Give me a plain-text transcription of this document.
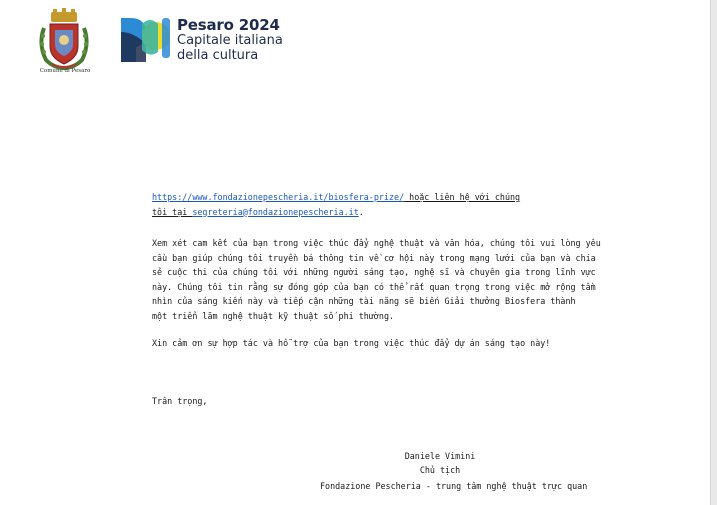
Comune di Pesaro
Pesaro 2024
Capitale italiana
della cultura
https://www.fondazionepescheria.it/biosfera-prize/ hoặc liên hệ với chúng
tôi tại segreteria@fondazionepescheria.it.
Xem xét cam kết của bạn trong việc thúc đẩy nghệ thuật và văn hóa, chúng tôi vui lòng yêu
cầu bạn giúp chúng tôi truyền bá thông tin về cơ hội này trong mạng lưới của bạn và chia
sẻ cuộc thi của chúng tôi với những người sáng tạo, nghệ sĩ và chuyên gia trong lĩnh vực
này. Chúng tôi tin rằng sự đóng góp của bạn có thể rất quan trọng trong việc mở rộng tầm
nhìn của sáng kiến này và tiếp cận những tài năng sẽ biến Giải thưởng Biosfera thành
một triển lãm nghệ thuật kỹ thuật số phi thường.
Xin cảm ơn sự hợp tác và hỗ trợ của bạn trong việc thúc đẩy dự án sáng tạo này!
Trân trọng,
Daniele Vimini
Chủ tịch
Fondazione Pescheria - trung tâm nghệ thuật trực quan
